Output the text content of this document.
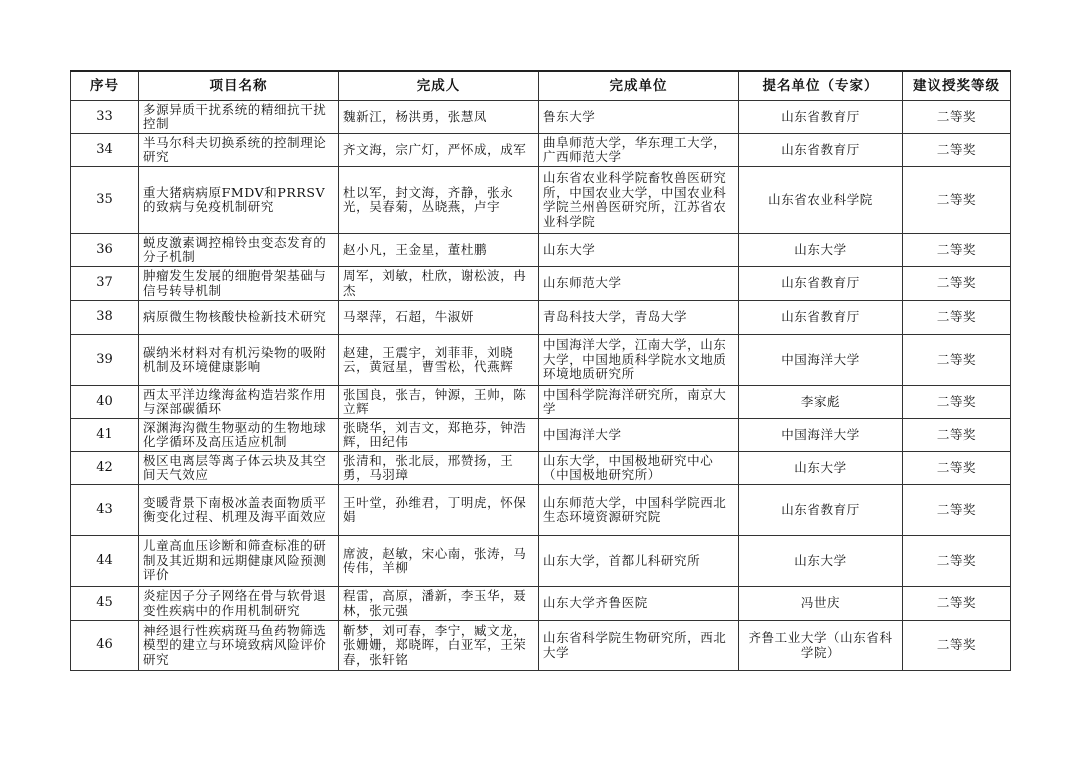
序号	项目名称	完成人	完成单位	提名单位（专家）	建议授奖等级
33	多源异质干扰系统的精细抗干扰控制	魏新江，杨洪勇，张慧凤	鲁东大学	山东省教育厅	二等奖
34	半马尔科夫切换系统的控制理论研究	齐文海，宗广灯，严怀成，成军	曲阜师范大学，华东理工大学，广西师范大学	山东省教育厅	二等奖
35	重大猪病病原FMDV和PRRSV的致病与免疫机制研究	杜以军，封文海，齐静，张永光，吴春菊，丛晓燕，卢宇	山东省农业科学院畜牧兽医研究所，中国农业大学，中国农业科学院兰州兽医研究所，江苏省农业科学院	山东省农业科学院	二等奖
36	蜕皮激素调控棉铃虫变态发育的分子机制	赵小凡，王金星，董杜鹏	山东大学	山东大学	二等奖
37	肿瘤发生发展的细胞骨架基础与信号转导机制	周军，刘敏，杜欣，谢松波，冉杰	山东师范大学	山东省教育厅	二等奖
38	病原微生物核酸快检新技术研究	马翠萍，石超，牛淑妍	青岛科技大学，青岛大学	山东省教育厅	二等奖
39	碳纳米材料对有机污染物的吸附机制及环境健康影响	赵建，王震宇，刘菲菲，刘晓云，黄冠星，曹雪松，代燕辉	中国海洋大学，江南大学，山东大学，中国地质科学院水文地质环境地质研究所	中国海洋大学	二等奖
40	西太平洋边缘海盆构造岩浆作用与深部碳循环	张国良，张吉，钟源，王帅，陈立辉	中国科学院海洋研究所，南京大学	李家彪	二等奖
41	深渊海沟微生物驱动的生物地球化学循环及高压适应机制	张晓华，刘吉文，郑艳芬，钟浩辉，田纪伟	中国海洋大学	中国海洋大学	二等奖
42	极区电离层等离子体云块及其空间天气效应	张清和，张北辰，邢赞扬，王勇，马羽璋	山东大学，中国极地研究中心（中国极地研究所）	山东大学	二等奖
43	变暖背景下南极冰盖表面物质平衡变化过程、机理及海平面效应	王叶堂，孙维君，丁明虎，怀保娟	山东师范大学，中国科学院西北生态环境资源研究院	山东省教育厅	二等奖
44	儿童高血压诊断和筛查标准的研制及其近期和远期健康风险预测评价	席波，赵敏，宋心南，张涛，马传伟，羊柳	山东大学，首都儿科研究所	山东大学	二等奖
45	炎症因子分子网络在骨与软骨退变性疾病中的作用机制研究	程雷，高原，潘新，李玉华，聂林，张元强	山东大学齐鲁医院	冯世庆	二等奖
46	神经退行性疾病斑马鱼药物筛选模型的建立与环境致病风险评价研究	靳梦，刘可春，李宁，臧文龙，张姗姗，郑晓晖，白亚军，王荣春，张轩铭	山东省科学院生物研究所，西北大学	齐鲁工业大学（山东省科学院）	二等奖
